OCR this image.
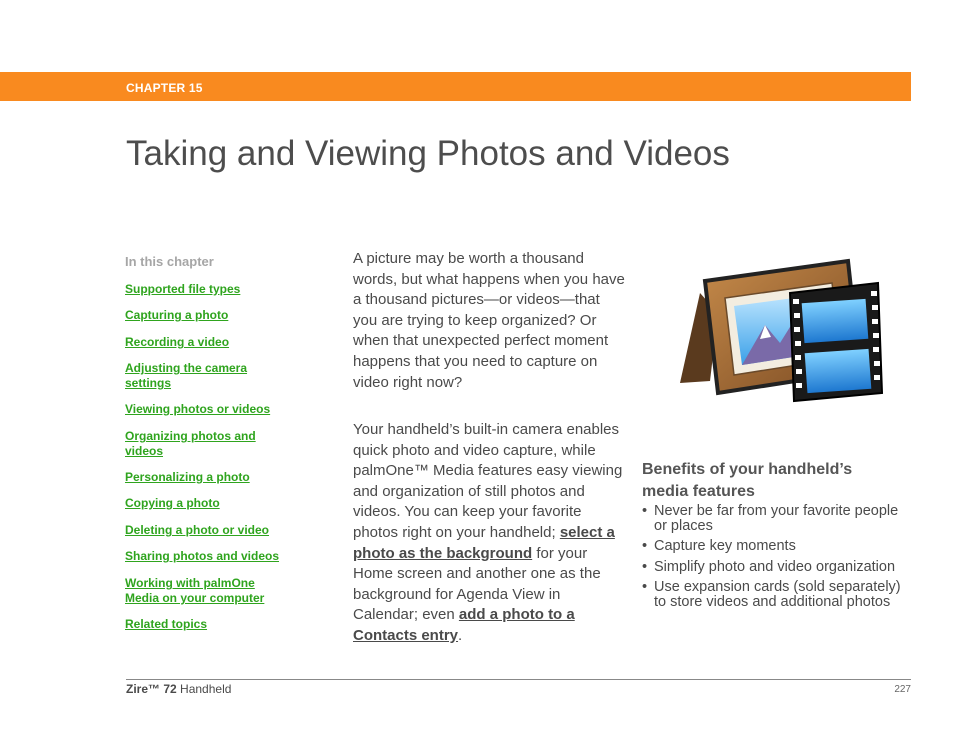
CHAPTER 15
Taking and Viewing Photos and Videos
In this chapter
Supported file types
Capturing a photo
Recording a video
Adjusting the camera settings
Viewing photos or videos
Organizing photos and videos
Personalizing a photo
Copying a photo
Deleting a photo or video
Sharing photos and videos
Working with palmOne Media on your computer
Related topics

A picture may be worth a thousand words, but what happens when you have a thousand pictures—or videos—that you are trying to keep organized? Or when that unexpected perfect moment happens that you need to capture on video right now?

Your handheld’s built-in camera enables quick photo and video capture, while palmOne™ Media features easy viewing and organization of still photos and videos. You can keep your favorite photos right on your handheld; select a photo as the background for your Home screen and another one as the background for Agenda View in Calendar; even add a photo to a Contacts entry.

Benefits of your handheld’s media features
• Never be far from your favorite people or places
• Capture key moments
• Simplify photo and video organization
• Use expansion cards (sold separately) to store videos and additional photos
Zire™ 72 Handheld	227
